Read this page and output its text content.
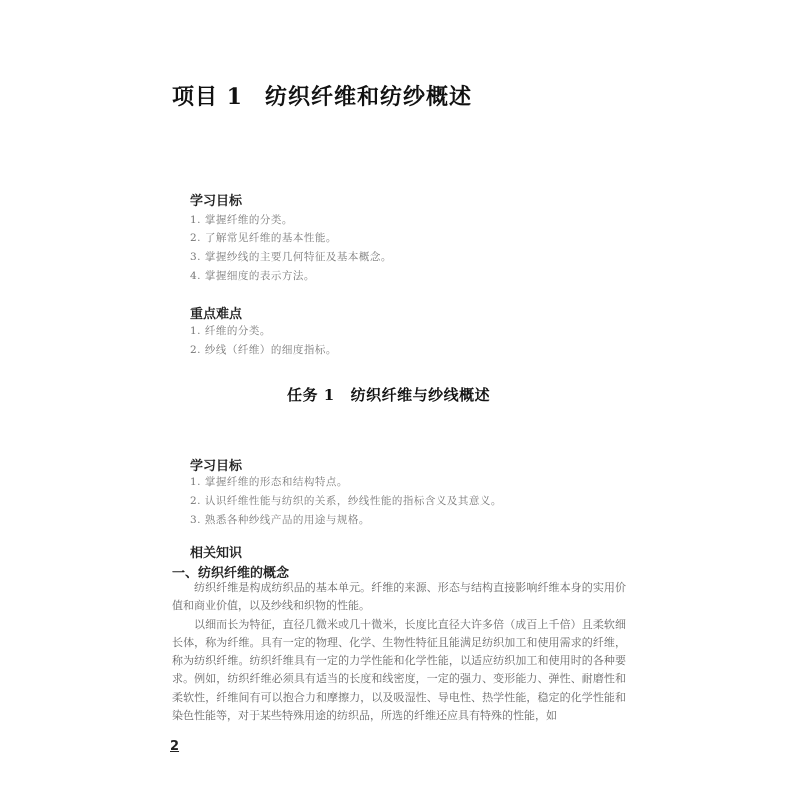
项目 1 纺织纤维和纺纱概述
学习目标
1. 掌握纤维的分类。
2. 了解常见纤维的基本性能。
3. 掌握纱线的主要几何特征及基本概念。
4. 掌握细度的表示方法。
重点难点
1. 纤维的分类。
2. 纱线（纤维）的细度指标。
任务 1 纺织纤维与纱线概述
学习目标
1. 掌握纤维的形态和结构特点。
2. 认识纤维性能与纺织的关系，纱线性能的指标含义及其意义。
3. 熟悉各种纱线产品的用途与规格。
相关知识
一、纺织纤维的概念

纺织纤维是构成纺织品的基本单元。纤维的来源、形态与结构直接影响纤维本身的实用价值和商业价值，以及纱线和织物的性能。

以细而长为特征，直径几微米或几十微米，长度比直径大许多倍（成百上千倍）且柔软细长体，称为纤维。具有一定的物理、化学、生物性特征且能满足纺织加工和使用需求的纤维，称为纺织纤维。纺织纤维具有一定的力学性能和化学性能，以适应纺织加工和使用时的各种要求。例如，纺织纤维必须具有适当的长度和线密度，一定的强力、变形能力、弹性、耐磨性和柔软性，纤维间有可以抱合力和摩擦力，以及吸湿性、导电性、热学性能，稳定的化学性能和染色性能等，对于某些特殊用途的纺织品，所选的纤维还应具有特殊的性能，如

2
